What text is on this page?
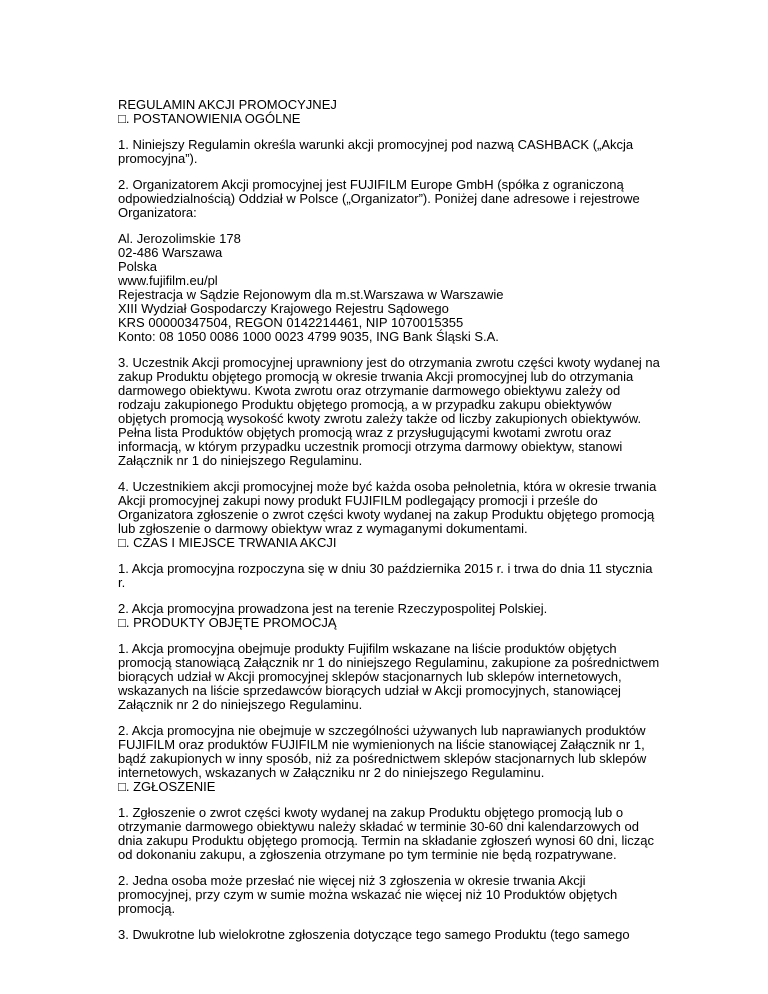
REGULAMIN AKCJI PROMOCYJNEJ
□. POSTANOWIENIA OGÓLNE
1. Niniejszy Regulamin określa warunki akcji promocyjnej pod nazwą CASHBACK („Akcja
promocyjna”).
2. Organizatorem Akcji promocyjnej jest FUJIFILM Europe GmbH (spółka z ograniczoną
odpowiedzialnością) Oddział w Polsce („Organizator”). Poniżej dane adresowe i rejestrowe
Organizatora:
Al. Jerozolimskie 178
02-486 Warszawa
Polska
www.fujifilm.eu/pl
Rejestracja w Sądzie Rejonowym dla m.st.Warszawa w Warszawie
XIII Wydział Gospodarczy Krajowego Rejestru Sądowego
KRS 00000347504, REGON 0142214461, NIP 1070015355
Konto: 08 1050 0086 1000 0023 4799 9035, ING Bank Śląski S.A.
3. Uczestnik Akcji promocyjnej uprawniony jest do otrzymania zwrotu części kwoty wydanej na
zakup Produktu objętego promocją w okresie trwania Akcji promocyjnej lub do otrzymania
darmowego obiektywu. Kwota zwrotu oraz otrzymanie darmowego obiektywu zależy od
rodzaju zakupionego Produktu objętego promocją, a w przypadku zakupu obiektywów
objętych promocją wysokość kwoty zwrotu zależy także od liczby zakupionych obiektywów.
Pełna lista Produktów objętych promocją wraz z przysługującymi kwotami zwrotu oraz
informacją, w którym przypadku uczestnik promocji otrzyma darmowy obiektyw, stanowi
Załącznik nr 1 do niniejszego Regulaminu.
4. Uczestnikiem akcji promocyjnej może być każda osoba pełnoletnia, która w okresie trwania
Akcji promocyjnej zakupi nowy produkt FUJIFILM podlegający promocji i prześle do
Organizatora zgłoszenie o zwrot części kwoty wydanej na zakup Produktu objętego promocją
lub zgłoszenie o darmowy obiektyw wraz z wymaganymi dokumentami.
□. CZAS I MIEJSCE TRWANIA AKCJI
1. Akcja promocyjna rozpoczyna się w dniu 30 października 2015 r. i trwa do dnia 11 stycznia
r.
2. Akcja promocyjna prowadzona jest na terenie Rzeczypospolitej Polskiej.
□. PRODUKTY OBJĘTE PROMOCJĄ
1. Akcja promocyjna obejmuje produkty Fujifilm wskazane na liście produktów objętych
promocją stanowiącą Załącznik nr 1 do niniejszego Regulaminu, zakupione za pośrednictwem
biorących udział w Akcji promocyjnej sklepów stacjonarnych lub sklepów internetowych,
wskazanych na liście sprzedawców biorących udział w Akcji promocyjnych, stanowiącej
Załącznik nr 2 do niniejszego Regulaminu.
2. Akcja promocyjna nie obejmuje w szczególności używanych lub naprawianych produktów
FUJIFILM oraz produktów FUJIFILM nie wymienionych na liście stanowiącej Załącznik nr 1,
bądź zakupionych w inny sposób, niż za pośrednictwem sklepów stacjonarnych lub sklepów
internetowych, wskazanych w Załączniku nr 2 do niniejszego Regulaminu.
□. ZGŁOSZENIE
1. Zgłoszenie o zwrot części kwoty wydanej na zakup Produktu objętego promocją lub o
otrzymanie darmowego obiektywu należy składać w terminie 30-60 dni kalendarzowych od
dnia zakupu Produktu objętego promocją. Termin na składanie zgłoszeń wynosi 60 dni, licząc
od dokonaniu zakupu, a zgłoszenia otrzymane po tym terminie nie będą rozpatrywane.
2. Jedna osoba może przesłać nie więcej niż 3 zgłoszenia w okresie trwania Akcji
promocyjnej, przy czym w sumie można wskazać nie więcej niż 10 Produktów objętych
promocją.
3. Dwukrotne lub wielokrotne zgłoszenia dotyczące tego samego Produktu (tego samego
